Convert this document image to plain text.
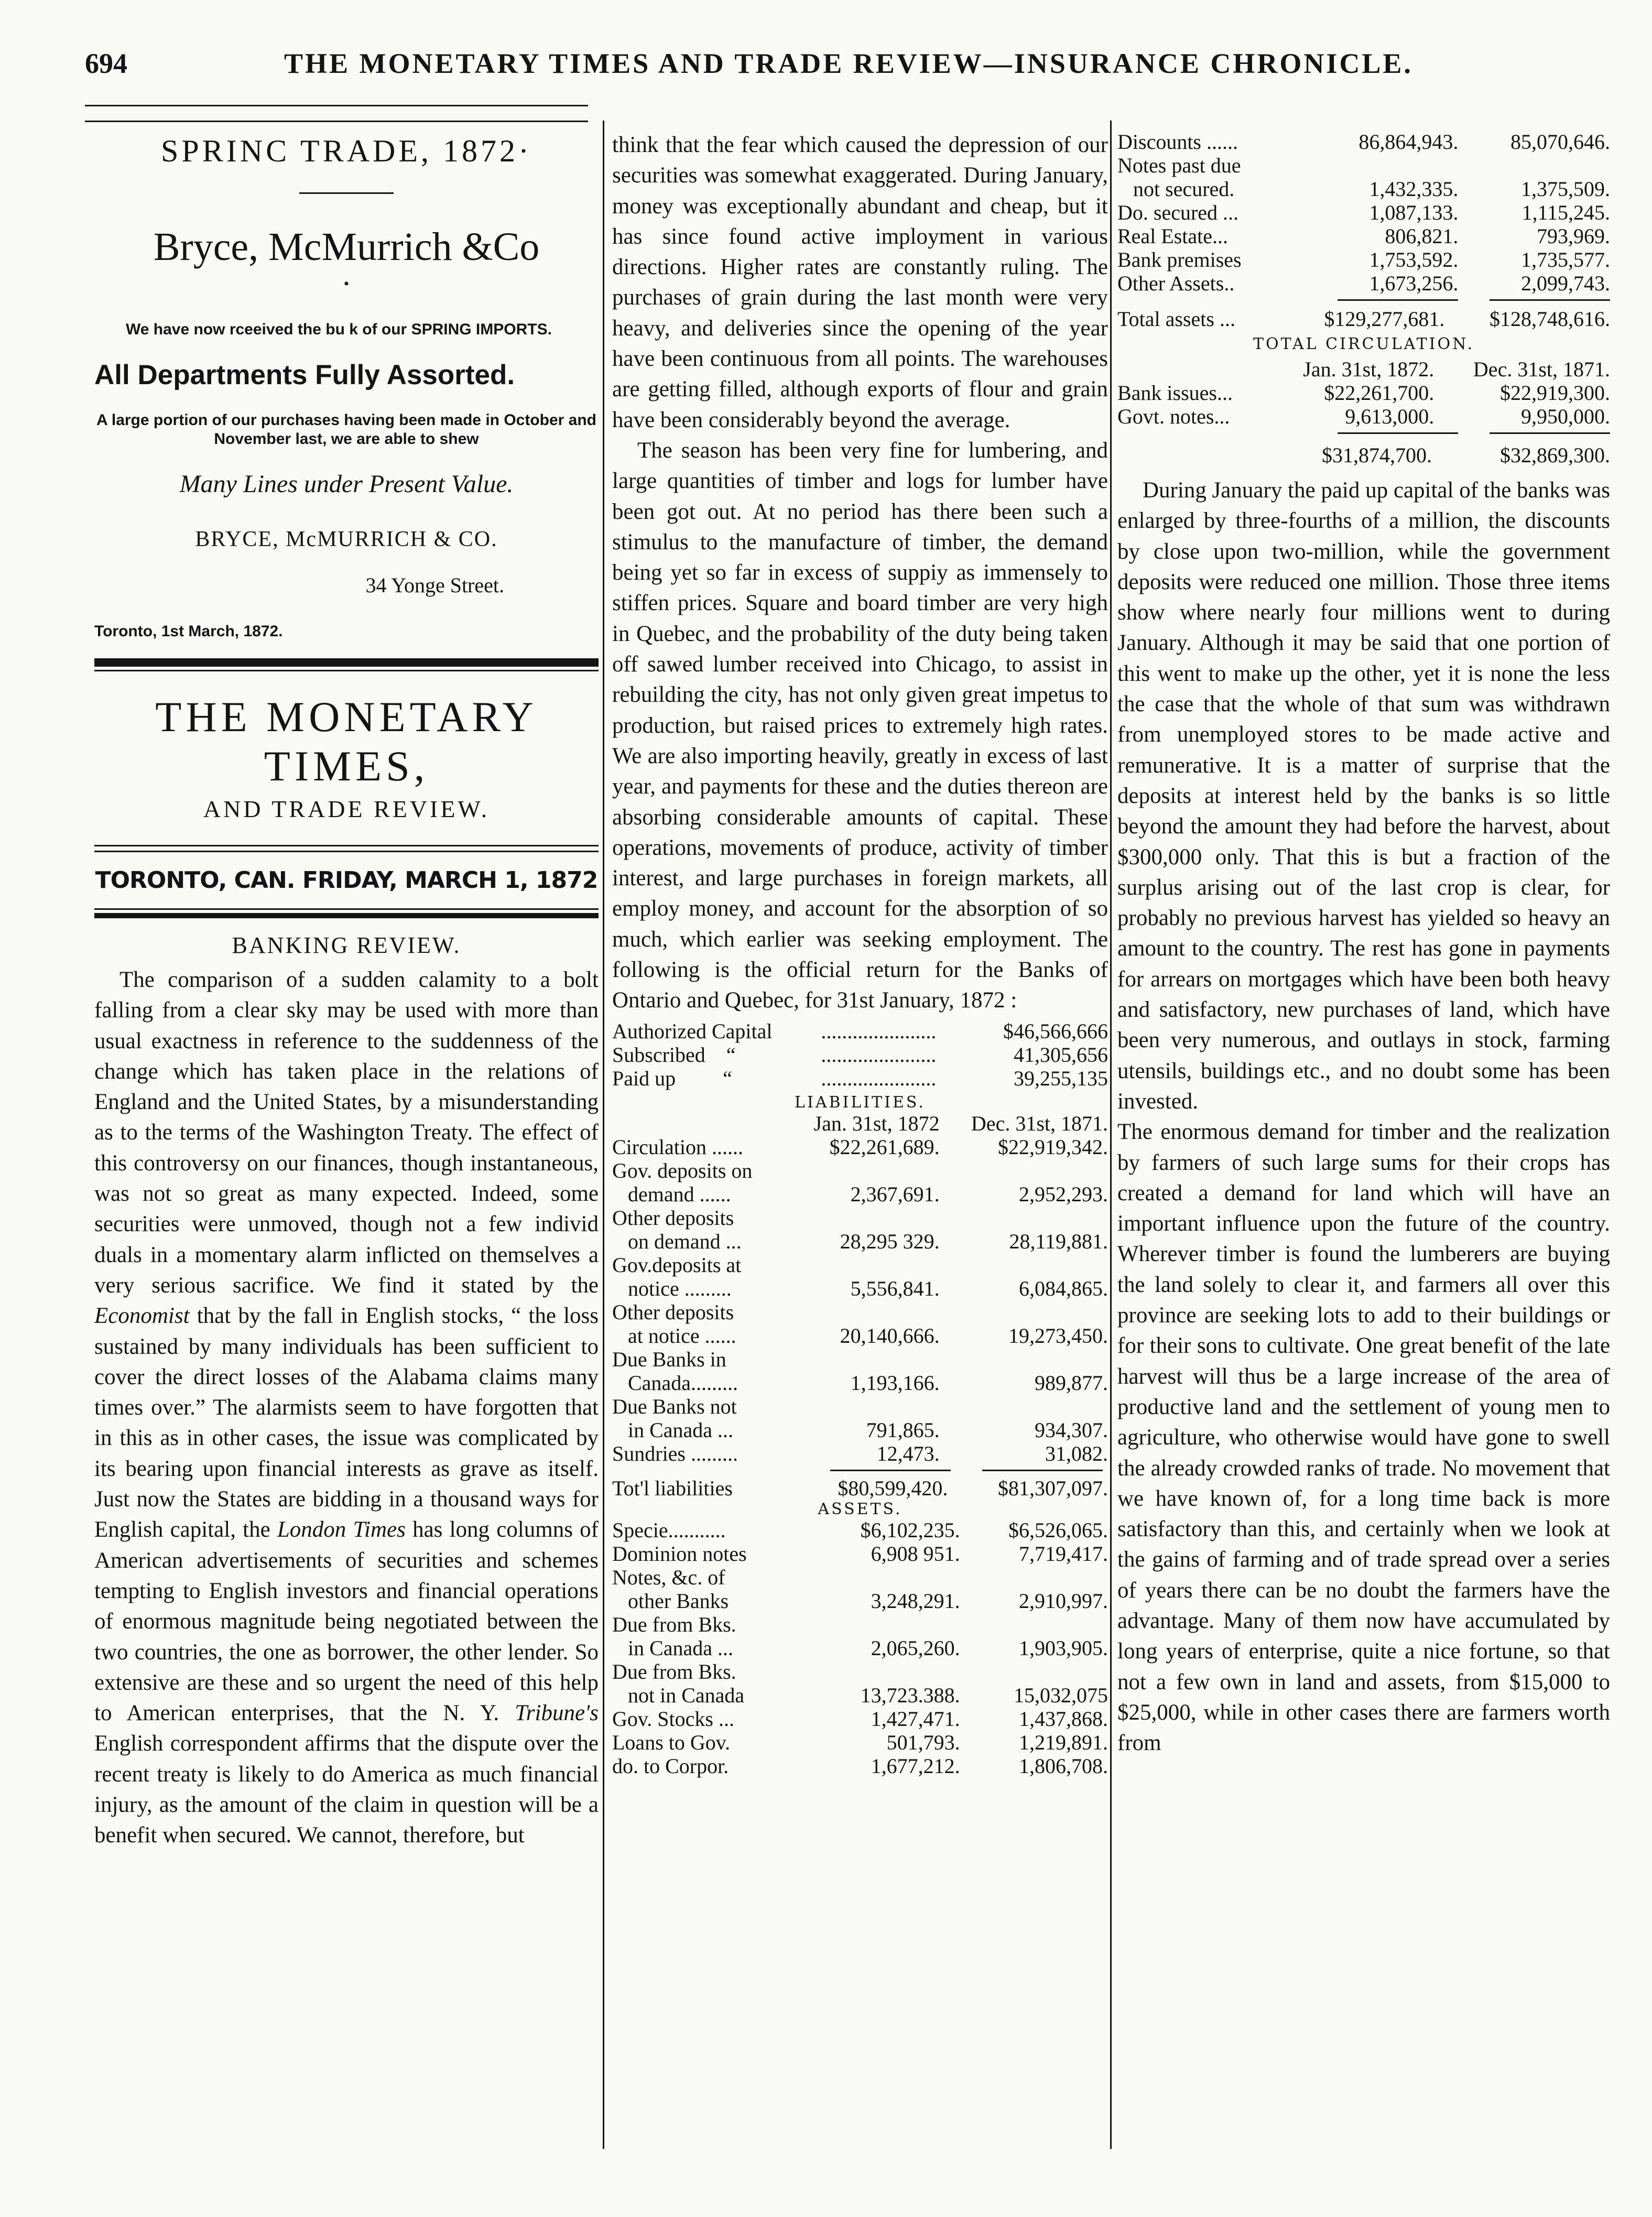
694	THE MONETARY TIMES AND TRADE REVIEW—INSURANCE CHRONICLE.
SPRINC TRADE, 1872·
Bryce, McMurrich &Co
•
We have now rceeived the bu k of our SPRING IMPORTS.
All Departments Fully Assorted.
A large portion of our purchases having been made in October and November last, we are able to shew
Many Lines under Present Value.
BRYCE, McMURRICH & CO.
34 Yonge Street.
Toronto, 1st March, 1872.
THE MONETARY TIMES,
AND TRADE REVIEW.
TORONTO, CAN. FRIDAY, MARCH 1, 1872
BANKING REVIEW.

The comparison of a sudden calamity to a bolt falling from a clear sky may be used with more than usual exactness in reference to the suddenness of the change which has taken place in the relations of England and the United States, by a misunderstanding as to the terms of the Washington Treaty. The effect of this controversy on our finances, though instantaneous, was not so great as many expected. Indeed, some securities were unmoved, though not a few individ duals in a momentary alarm inflicted on themselves a very serious sacrifice. We find it stated by the Economist that by the fall in English stocks, “ the loss sustained by many individuals has been sufficient to cover the direct losses of the Alabama claims many times over.” The alarmists seem to have forgotten that in this as in other cases, the issue was complicated by its bearing upon financial interests as grave as itself. Just now the States are bidding in a thousand ways for English capital, the London Times has long columns of American advertisements of securities and schemes tempting to English investors and financial operations of enormous magnitude being negotiated between the two countries, the one as borrower, the other lender. So extensive are these and so urgent the need of this help to American enterprises, that the N. Y. Tribune's English correspondent affirms that the dispute over the recent treaty is likely to do America as much financial injury, as the amount of the claim in question will be a benefit when secured. We cannot, therefore, but

think that the fear which caused the depression of our securities was somewhat exaggerated. During January, money was exceptionally abundant and cheap, but it has since found active imployment in various directions. Higher rates are constantly ruling. The purchases of grain during the last month were very heavy, and deliveries since the opening of the year have been continuous from all points. The warehouses are getting filled, although exports of flour and grain have been considerably beyond the average.

The season has been very fine for lumbering, and large quantities of timber and logs for lumber have been got out. At no period has there been such a stimulus to the manufacture of timber, the demand being yet so far in excess of suppiy as immensely to stiffen prices. Square and board timber are very high in Quebec, and the probability of the duty being taken off sawed lumber received into Chicago, to assist in rebuilding the city, has not only given great impetus to production, but raised prices to extremely high rates. We are also importing heavily, greatly in excess of last year, and payments for these and the duties thereon are absorbing considerable amounts of capital. These operations, movements of produce, activity of timber interest, and large purchases in foreign markets, all employ money, and account for the absorption of so much, which earlier was seeking employment. The following is the official return for the Banks of Ontario and Quebec, for 31st January, 1872 :

Authorized Capital	......................	$46,566,666
Subscribed “	......................	41,305,656
Paid up “	......................	39,255,135
LIABILITIES.
	Jan. 31st, 1872	Dec. 31st, 1871.

Circulation ......	$22,261,689.	$22,919,342.

Gov. deposits on
demand ......	2,367,691.	2,952,293.

Other deposits
on demand ...	28,295 329.	28,119,881.

Gov.deposits at
notice .........	5,556,841.	6,084,865.

Other deposits
at notice ......	20,140,666.	19,273,450.

Due Banks in
Canada.........	1,193,166.	989,877.

Due Banks not
in Canada ...	791,865.	934,307.

Sundries .........	12,473.	31,082.
Tot'l liabilities	$80,599,420.	$81,307,097.
ASSETS.
Specie...........	$6,102,235.	$6,526,065.

Dominion notes	6,908 951.	7,719,417.

Notes, &c. of
other Banks	3,248,291.	2,910,997.

Due from Bks.
in Canada ...	2,065,260.	1,903,905.

Due from Bks.
not in Canada	13,723.388.	15,032,075

Gov. Stocks ...	1,427,471.	1,437,868.

Loans to Gov.	501,793.	1,219,891.

do. to Corpor.	1,677,212.	1,806,708.
Discounts ......	86,864,943.	85,070,646.

Notes past due
not secured.	1,432,335.	1,375,509.

Do. secured ...	1,087,133.	1,115,245.

Real Estate...	806,821.	793,969.

Bank premises	1,753,592.	1,735,577.

Other Assets..	1,673,256.	2,099,743.
Total assets ...	$129,277,681.	$128,748,616.
TOTAL CIRCULATION.
	Jan. 31st, 1872.	Dec. 31st, 1871.

Bank issues...	$22,261,700.	$22,919,300.

Govt. notes...	9,613,000.	9,950,000.
	$31,874,700.	$32,869,300.

During January the paid up capital of the banks was enlarged by three-fourths of a million, the discounts by close upon two-million, while the government deposits were reduced one million. Those three items show where nearly four millions went to during January. Although it may be said that one portion of this went to make up the other, yet it is none the less the case that the whole of that sum was withdrawn from unemployed stores to be made active and remunerative. It is a matter of surprise that the deposits at interest held by the banks is so little beyond the amount they had before the harvest, about $300,000 only. That this is but a fraction of the surplus arising out of the last crop is clear, for probably no previous harvest has yielded so heavy an amount to the country. The rest has gone in payments for arrears on mortgages which have been both heavy and satisfactory, new purchases of land, which have been very numerous, and outlays in stock, farming utensils, buildings etc., and no doubt some has been invested.

The enormous demand for timber and the realization by farmers of such large sums for their crops has created a demand for land which will have an important influence upon the future of the country. Wherever timber is found the lumberers are buying the land solely to clear it, and farmers all over this province are seeking lots to add to their buildings or for their sons to cultivate. One great benefit of the late harvest will thus be a large increase of the area of productive land and the settlement of young men to agriculture, who otherwise would have gone to swell the already crowded ranks of trade. No movement that we have known of, for a long time back is more satisfactory than this, and certainly when we look at the gains of farming and of trade spread over a series of years there can be no doubt the farmers have the advantage. Many of them now have accumulated by long years of enterprise, quite a nice fortune, so that not a few own in land and assets, from $15,000 to $25,000, while in other cases there are farmers worth from
